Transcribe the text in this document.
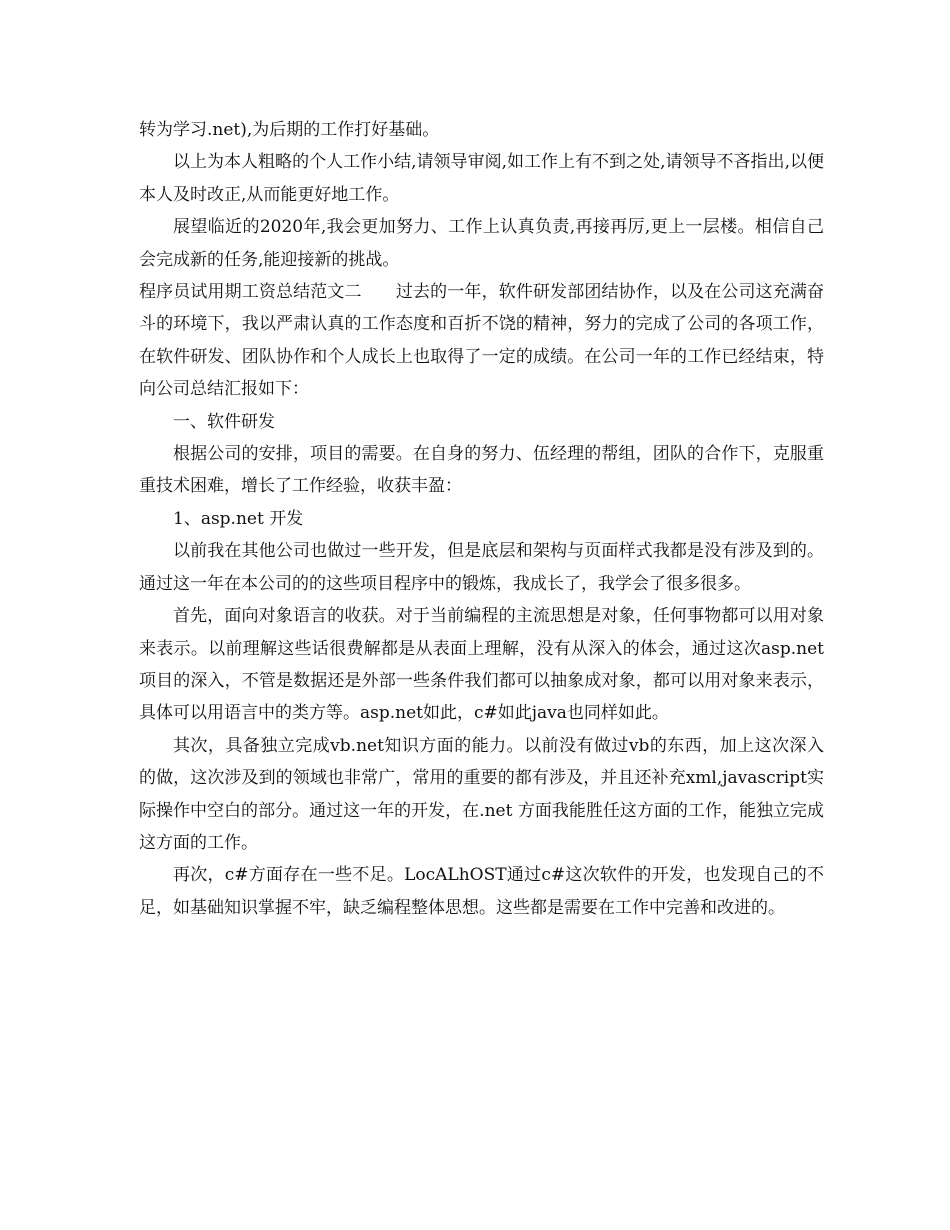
转为学习.net),为后期的工作打好基础。

以上为本人粗略的个人工作小结,请领导审阅,如工作上有不到之处,请领导不吝指出,以便本人及时改正,从而能更好地工作。

展望临近的2020年,我会更加努力、工作上认真负责,再接再厉,更上一层楼。相信自己会完成新的任务,能迎接新的挑战。

程序员试用期工资总结范文二　　过去的一年，软件研发部团结协作，以及在公司这充满奋斗的环境下，我以严肃认真的工作态度和百折不饶的精神，努力的完成了公司的各项工作，在软件研发、团队协作和个人成长上也取得了一定的成绩。在公司一年的工作已经结束，特向公司总结汇报如下：

一、软件研发

根据公司的安排，项目的需要。在自身的努力、伍经理的帮组，团队的合作下，克服重重技术困难，增长了工作经验，收获丰盈：

1、asp.net 开发

以前我在其他公司也做过一些开发，但是底层和架构与页面样式我都是没有涉及到的。通过这一年在本公司的的这些项目程序中的锻炼，我成长了，我学会了很多很多。

首先，面向对象语言的收获。对于当前编程的主流思想是对象，任何事物都可以用对象来表示。以前理解这些话很费解都是从表面上理解，没有从深入的体会，通过这次asp.net项目的深入，不管是数据还是外部一些条件我们都可以抽象成对象，都可以用对象来表示，具体可以用语言中的类方等。asp.net如此，c#如此java也同样如此。

其次，具备独立完成vb.net知识方面的能力。以前没有做过vb的东西，加上这次深入的做，这次涉及到的领域也非常广，常用的重要的都有涉及，并且还补充xml,javascript实际操作中空白的部分。通过这一年的开发，在.net 方面我能胜任这方面的工作，能独立完成这方面的工作。

再次，c#方面存在一些不足。LocALhOST通过c#这次软件的开发，也发现自己的不足，如基础知识掌握不牢，缺乏编程整体思想。这些都是需要在工作中完善和改进的。
